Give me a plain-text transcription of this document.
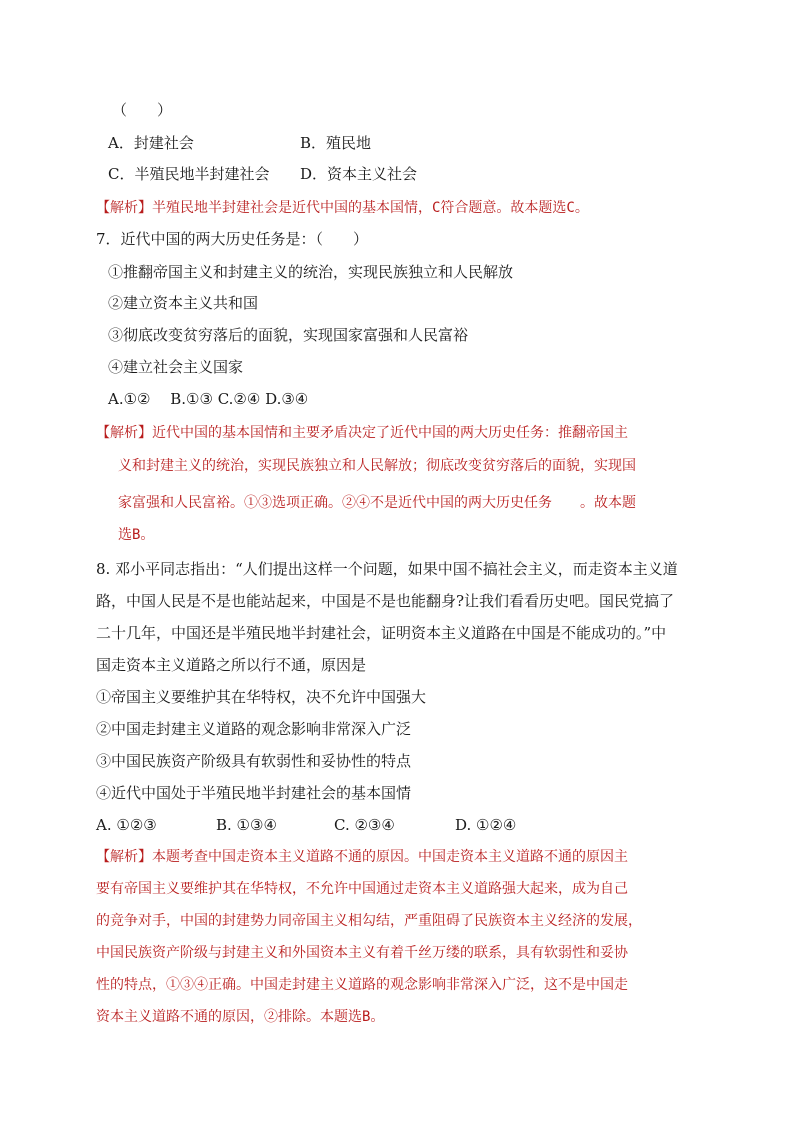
（　　）
A．封建社会	B．殖民地
C．半殖民地半封建社会 D．资本主义社会
【解析】半殖民地半封建社会是近代中国的基本国情，C符合题意。故本题选C。
7．近代中国的两大历史任务是：（　　）
①推翻帝国主义和封建主义的统治，实现民族独立和人民解放
②建立资本主义共和国
③彻底改变贫穷落后的面貌，实现国家富强和人民富裕
④建立社会主义国家
A.①②　 B.①③ C.②④ D.③④
【解析】近代中国的基本国情和主要矛盾决定了近代中国的两大历史任务：推翻帝国主
义和封建主义的统治，实现民族独立和人民解放；彻底改变贫穷落后的面貌，实现国
家富强和人民富裕。①③选项正确。②④不是近代中国的两大历史任务　　。故本题
选B。
8. 邓小平同志指出：“人们提出这样一个问题，如果中国不搞社会主义，而走资本主义道
路，中国人民是不是也能站起来，中国是不是也能翻身?让我们看看历史吧。国民党搞了
二十几年，中国还是半殖民地半封建社会，证明资本主义道路在中国是不能成功的。”中
国走资本主义道路之所以行不通，原因是
①帝国主义要维护其在华特权，决不允许中国强大
②中国走封建主义道路的观念影响非常深入广泛
③中国民族资产阶级具有软弱性和妥协性的特点
④近代中国处于半殖民地半封建社会的基本国情
A. ①②③	B. ①③④	C. ②③④	D. ①②④
【解析】本题考查中国走资本主义道路不通的原因。中国走资本主义道路不通的原因主
要有帝国主义要维护其在华特权，不允许中国通过走资本主义道路强大起来，成为自己
的竞争对手，中国的封建势力同帝国主义相勾结，严重阻碍了民族资本主义经济的发展，
中国民族资产阶级与封建主义和外国资本主义有着千丝万缕的联系，具有软弱性和妥协
性的特点，①③④正确。中国走封建主义道路的观念影响非常深入广泛，这不是中国走
资本主义道路不通的原因，②排除。本题选B。
